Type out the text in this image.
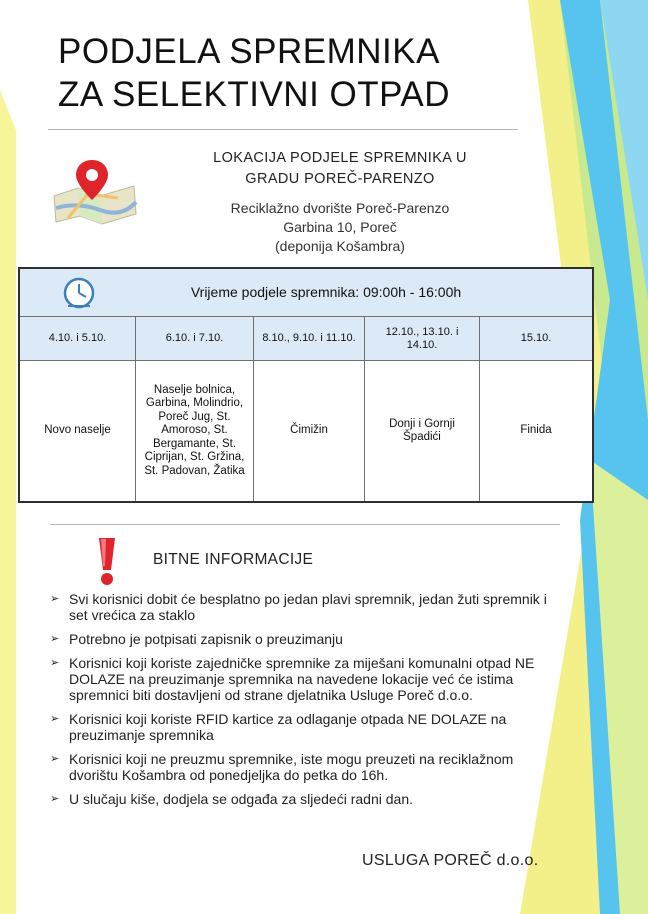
PODJELA SPREMNIKA
ZA SELEKTIVNI OTPAD
LOKACIJA PODJELE SPREMNIKA U
GRADU POREČ-PARENZO
Reciklažno dvorište Poreč-Parenzo
Garbina 10, Poreč
(deponija Košambra)
Vrijeme podjele spremnika: 09:00h - 16:00h
4.10. i 5.10.	6.10. i 7.10.	8.10., 9.10. i 11.10.
12.10., 13.10. i 14.10.
15.10.
Novo naselje
Naselje bolnica, Garbina, Molindrio, Poreč Jug, St. Amoroso, St. Bergamante, St. Ciprijan, St. Gržina, St. Padovan, Žatika
Čimižin
Donji i Gornji Špadići
Finida
BITNE INFORMACIJE
➢ Svi korisnici dobit će besplatno po jedan plavi spremnik, jedan žuti spremnik i set vrećica za staklo
➢ Potrebno je potpisati zapisnik o preuzimanju
➢ Korisnici koji koriste zajedničke spremnike za miješani komunalni otpad NE DOLAZE na preuzimanje spremnika na navedene lokacije već će istima spremnici biti dostavljeni od strane djelatnika Usluge Poreč d.o.o.
➢ Korisnici koji koriste RFID kartice za odlaganje otpada NE DOLAZE na preuzimanje spremnika
➢ Korisnici koji ne preuzmu spremnike, iste mogu preuzeti na reciklažnom dvorištu Košambra od ponedjeljka do petka do 16h.
➢ U slučaju kiše, dodjela se odgađa za sljedeći radni dan.
USLUGA POREČ d.o.o.
